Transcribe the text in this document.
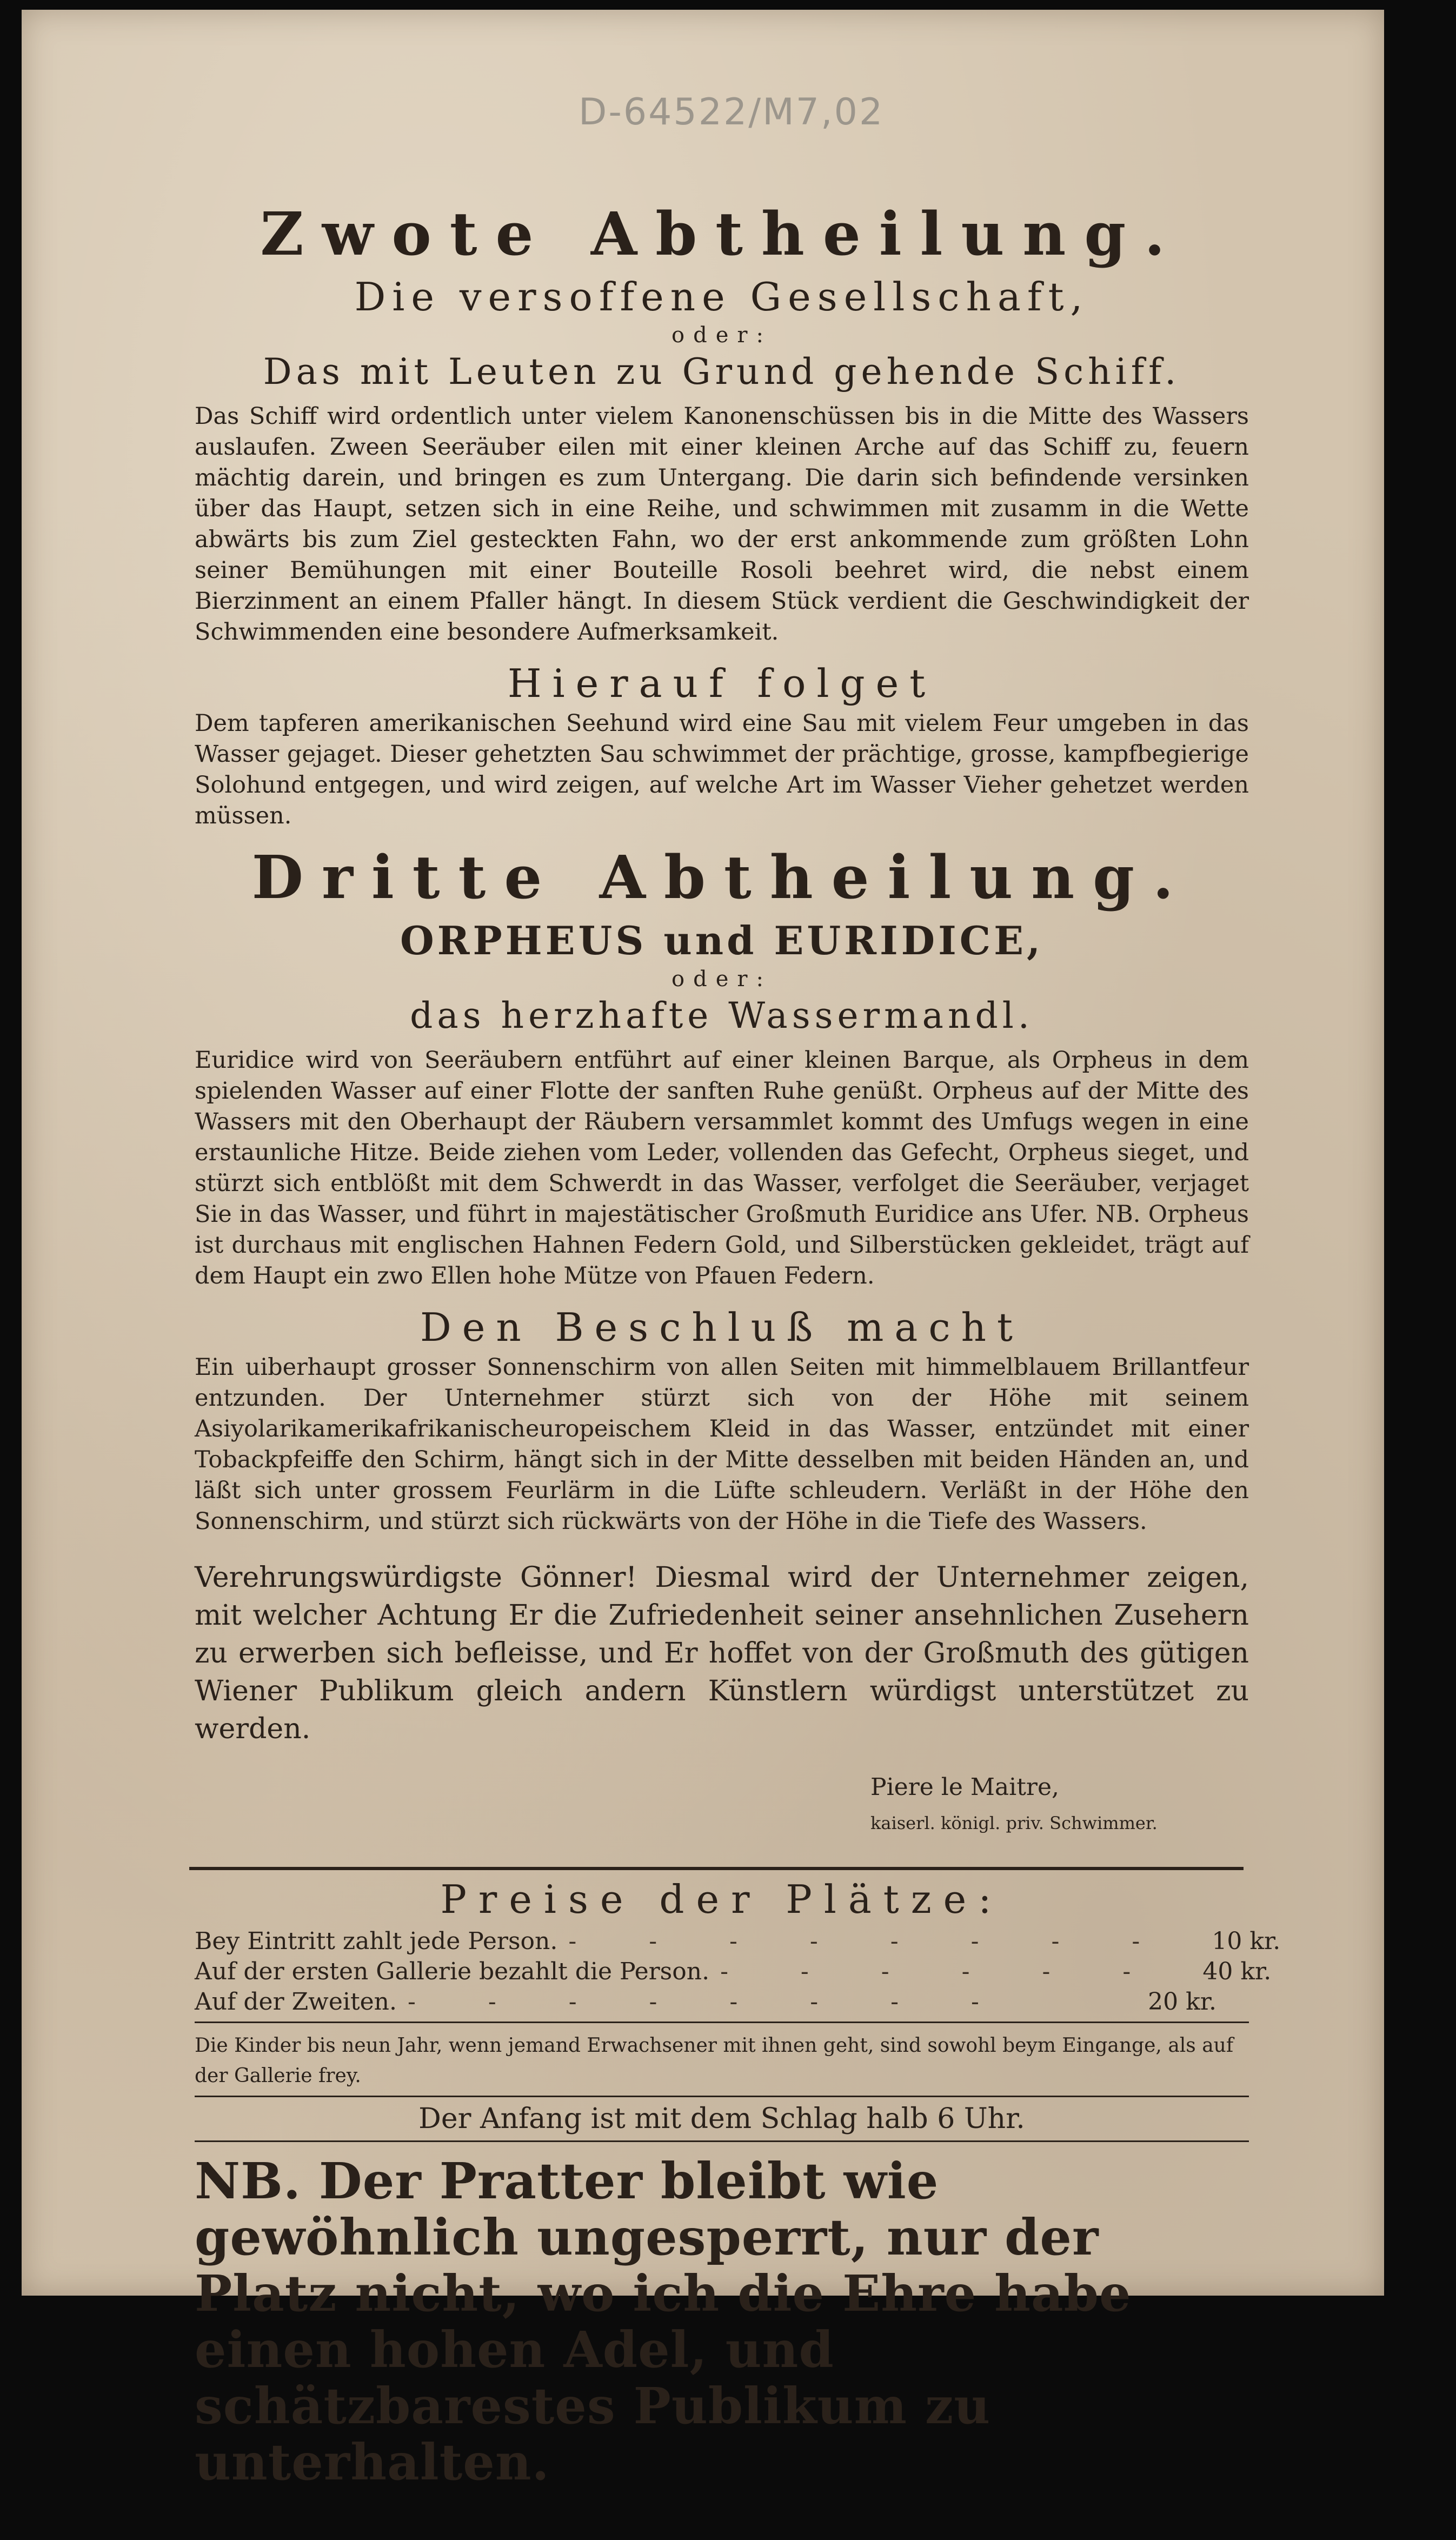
D-64522/M7,02
Zwote Abtheilung.
Die versoffene Gesellschaft,
oder:
Das mit Leuten zu Grund gehende Schiff.

Das Schiff wird ordentlich unter vielem Kanonenschüssen bis in die Mitte des Wassers auslaufen. Zween Seeräuber eilen mit einer kleinen Arche auf das Schiff zu, feuern mächtig darein, und bringen es zum Untergang. Die darin sich befindende versinken über das Haupt, setzen sich in eine Reihe, und schwimmen mit zusamm in die Wette abwärts bis zum Ziel gesteckten Fahn, wo der erst ankommende zum größten Lohn seiner Bemühungen mit einer Bouteille Rosoli beehret wird, die nebst einem Bierzinment an einem Pfaller hängt. In diesem Stück verdient die Geschwindigkeit der Schwimmenden eine besondere Aufmerksamkeit.

Hierauf folget

Dem tapferen amerikanischen Seehund wird eine Sau mit vielem Feur umgeben in das Wasser gejaget. Dieser gehetzten Sau schwimmet der prächtige, grosse, kampfbegierige Solohund entgegen, und wird zeigen, auf welche Art im Wasser Vieher gehetzet werden müssen.

Dritte Abtheilung.
ORPHEUS und EURIDICE,
oder:
das herzhafte Wassermandl.

Euridice wird von Seeräubern entführt auf einer kleinen Barque, als Orpheus in dem spielenden Wasser auf einer Flotte der sanften Ruhe genüßt. Orpheus auf der Mitte des Wassers mit den Oberhaupt der Räubern versammlet kommt des Umfugs wegen in eine erstaunliche Hitze. Beide ziehen vom Leder, vollenden das Gefecht, Orpheus sieget, und stürzt sich entblößt mit dem Schwerdt in das Wasser, verfolget die Seeräuber, verjaget Sie in das Wasser, und führt in majestätischer Großmuth Euridice ans Ufer. NB. Orpheus ist durchaus mit englischen Hahnen Federn Gold, und Silberstücken gekleidet, trägt auf dem Haupt ein zwo Ellen hohe Mütze von Pfauen Federn.

Den Beschluß macht

Ein uiberhaupt grosser Sonnenschirm von allen Seiten mit himmelblauem Brillantfeur entzunden. Der Unternehmer stürzt sich von der Höhe mit seinem Asiyolarikamerikafrikanischeuropeischem Kleid in das Wasser, entzündet mit einer Tobackpfeiffe den Schirm, hängt sich in der Mitte desselben mit beiden Händen an, und läßt sich unter grossem Feurlärm in die Lüfte schleudern. Verläßt in der Höhe den Sonnenschirm, und stürzt sich rückwärts von der Höhe in die Tiefe des Wassers.

Verehrungswürdigste Gönner! Diesmal wird der Unternehmer zeigen, mit welcher Achtung Er die Zufriedenheit seiner ansehnlichen Zusehern zu erwerben sich befleisse, und Er hoffet von der Großmuth des gütigen Wiener Publikum gleich andern Künstlern würdigst unterstützet zu werden.

Piere le Maitre,
kaiserl. königl. priv. Schwimmer.
Preise der Plätze:
Bey Eintritt zahlt jede Person. - - - - - - - -	10 kr.
Auf der ersten Gallerie bezahlt die Person. - - - - - -	40 kr.
Auf der Zweiten. - - - - - - - -	20 kr.

Die Kinder bis neun Jahr, wenn jemand Erwachsener mit ihnen geht, sind sowohl beym Eingange, als auf der Gallerie frey.

Der Anfang ist mit dem Schlag halb 6 Uhr.

NB. Der Pratter bleibt wie gewöhnlich ungesperrt, nur der Platz nicht, wo ich die Ehre habe einen hohen Adel, und schätzbarestes Publikum zu unterhalten.
